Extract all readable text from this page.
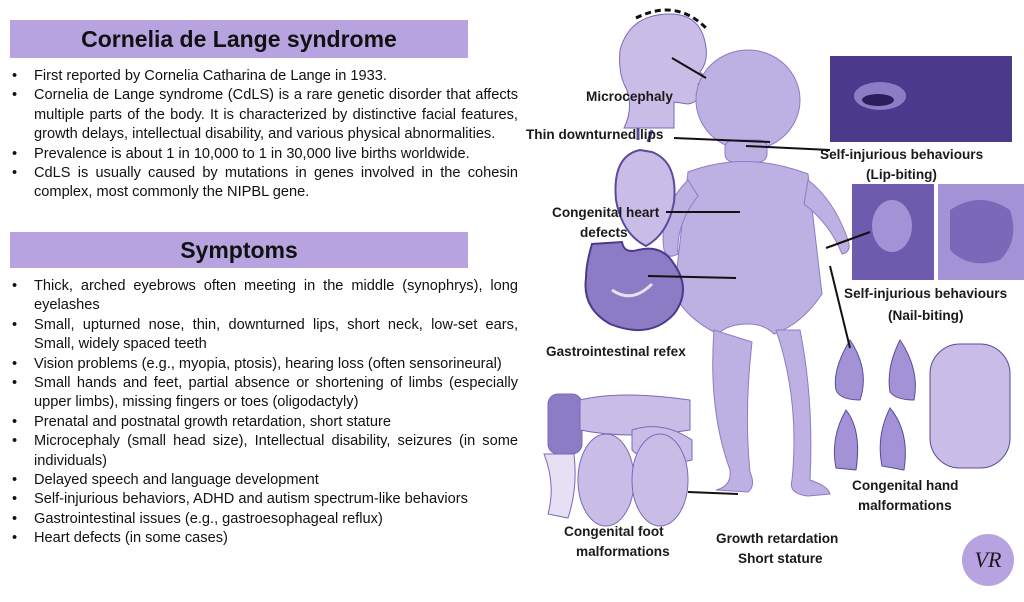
Cornelia de Lange syndrome
• First reported by Cornelia Catharina de Lange in 1933.
• Cornelia de Lange syndrome (CdLS) is a rare genetic disorder that affects multiple parts of the body. It is characterized by distinctive facial features, growth delays, intellectual disability, and various physical abnormalities.
• Prevalence is about 1 in 10,000 to 1 in 30,000 live births worldwide.
• CdLS is usually caused by mutations in genes involved in the cohesin complex, most commonly the NIPBL gene.
Symptoms
• Thick, arched eyebrows often meeting in the middle (synophrys), long eyelashes
• Small, upturned nose, thin, downturned lips, short neck, low-set ears, Small, widely spaced teeth
• Vision problems (e.g., myopia, ptosis), hearing loss (often sensorineural)
• Small hands and feet, partial absence or shortening of limbs (especially upper limbs), missing fingers or toes (oligodactyly)
• Prenatal and postnatal growth retardation, short stature
• Microcephaly (small head size), Intellectual disability, seizures (in some individuals)
• Delayed speech and language development
• Self-injurious behaviors, ADHD and autism spectrum-like behaviors
• Gastrointestinal issues (e.g., gastroesophageal reflux)
• Heart defects (in some cases)
Microcephaly
Thin downturned lips
Self-injurious behaviours
(Lip-biting)
Congenital heart
defects
Self-injurious behaviours
(Nail-biting)
Gastrointestinal refex
Congenital hand
malformations
Congenital foot
malformations
Growth retardation
Short stature	VR
